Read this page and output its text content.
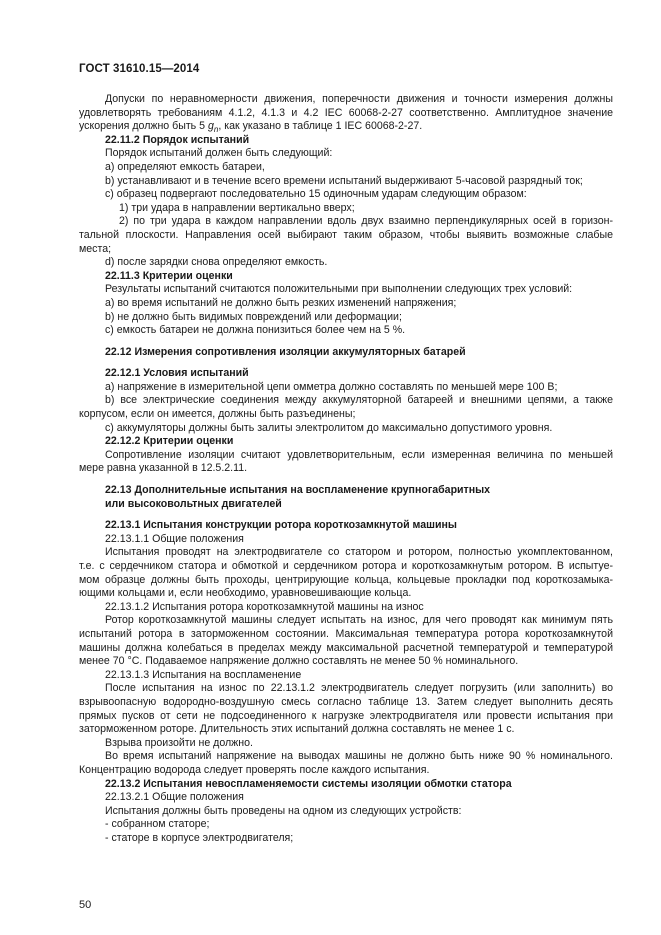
ГОСТ 31610.15—2014
Допуски по неравномерности движения, поперечности движения и точности измерения должны
удовлетворять требованиям 4.1.2, 4.1.3 и 4.2 IEC 60068-2-27 соответственно. Амплитудное значение
ускорения должно быть 5 $g_n$, как указано в таблице 1 IEC 60068-2-27.
22.11.2 Порядок испытаний
Порядок испытаний должен быть следующий:
a) определяют емкость батареи,
b) устанавливают и в течение всего времени испытаний выдерживают 5-часовой разрядный ток;
c) образец подвергают последовательно 15 одиночным ударам следующим образом:
1) три удара в направлении вертикально вверх;
2) по три удара в каждом направлении вдоль двух взаимно перпендикулярных осей в горизон-
тальной плоскости. Направления осей выбирают таким образом, чтобы выявить возможные слабые
места;
d) после зарядки снова определяют емкость.
22.11.3 Критерии оценки
Результаты испытаний считаются положительными при выполнении следующих трех условий:
a) во время испытаний не должно быть резких изменений напряжения;
b) не должно быть видимых повреждений или деформации;
c) емкость батареи не должна понизиться более чем на 5 %.
22.12 Измерения сопротивления изоляции аккумуляторных батарей
22.12.1 Условия испытаний
a) напряжение в измерительной цепи омметра должно составлять по меньшей мере 100 В;
b) все электрические соединения между аккумуляторной батареей и внешними цепями, а также
корпусом, если он имеется, должны быть разъединены;
c) аккумуляторы должны быть залиты электролитом до максимально допустимого уровня.
22.12.2 Критерии оценки
Сопротивление изоляции считают удовлетворительным, если измеренная величина по меньшей
мере равна указанной в 12.5.2.11.
22.13 Дополнительные испытания на воспламенение крупногабаритных
или высоковольтных двигателей
22.13.1 Испытания конструкции ротора короткозамкнутой машины
22.13.1.1 Общие положения
Испытания проводят на электродвигателе со статором и ротором, полностью укомплектованном,
т.е. с сердечником статора и обмоткой и сердечником ротора и короткозамкнутым ротором. В испытуе-
мом образце должны быть проходы, центрирующие кольца, кольцевые прокладки под короткозамыка-
ющими кольцами и, если необходимо, уравновешивающие кольца.
22.13.1.2 Испытания ротора короткозамкнутой машины на износ
Ротор короткозамкнутой машины следует испытать на износ, для чего проводят как минимум пять
испытаний ротора в заторможенном состоянии. Максимальная температура ротора короткозамкнутой
машины должна колебаться в пределах между максимальной расчетной температурой и температурой
менее 70 °С. Подаваемое напряжение должно составлять не менее 50 % номинального.
22.13.1.3 Испытания на воспламенение
После испытания на износ по 22.13.1.2 электродвигатель следует погрузить (или заполнить) во
взрывоопасную водородно-воздушную смесь согласно таблице 13. Затем следует выполнить десять
прямых пусков от сети не подсоединенного к нагрузке электродвигателя или провести испытания при
заторможенном роторе. Длительность этих испытаний должна составлять не менее 1 с.
Взрыва произойти не должно.
Во время испытаний напряжение на выводах машины не должно быть ниже 90 % номинального.
Концентрацию водорода следует проверять после каждого испытания.
22.13.2 Испытания невоспламеняемости системы изоляции обмотки статора
22.13.2.1 Общие положения
Испытания должны быть проведены на одном из следующих устройств:
- собранном статоре;
- статоре в корпусе электродвигателя;
50
